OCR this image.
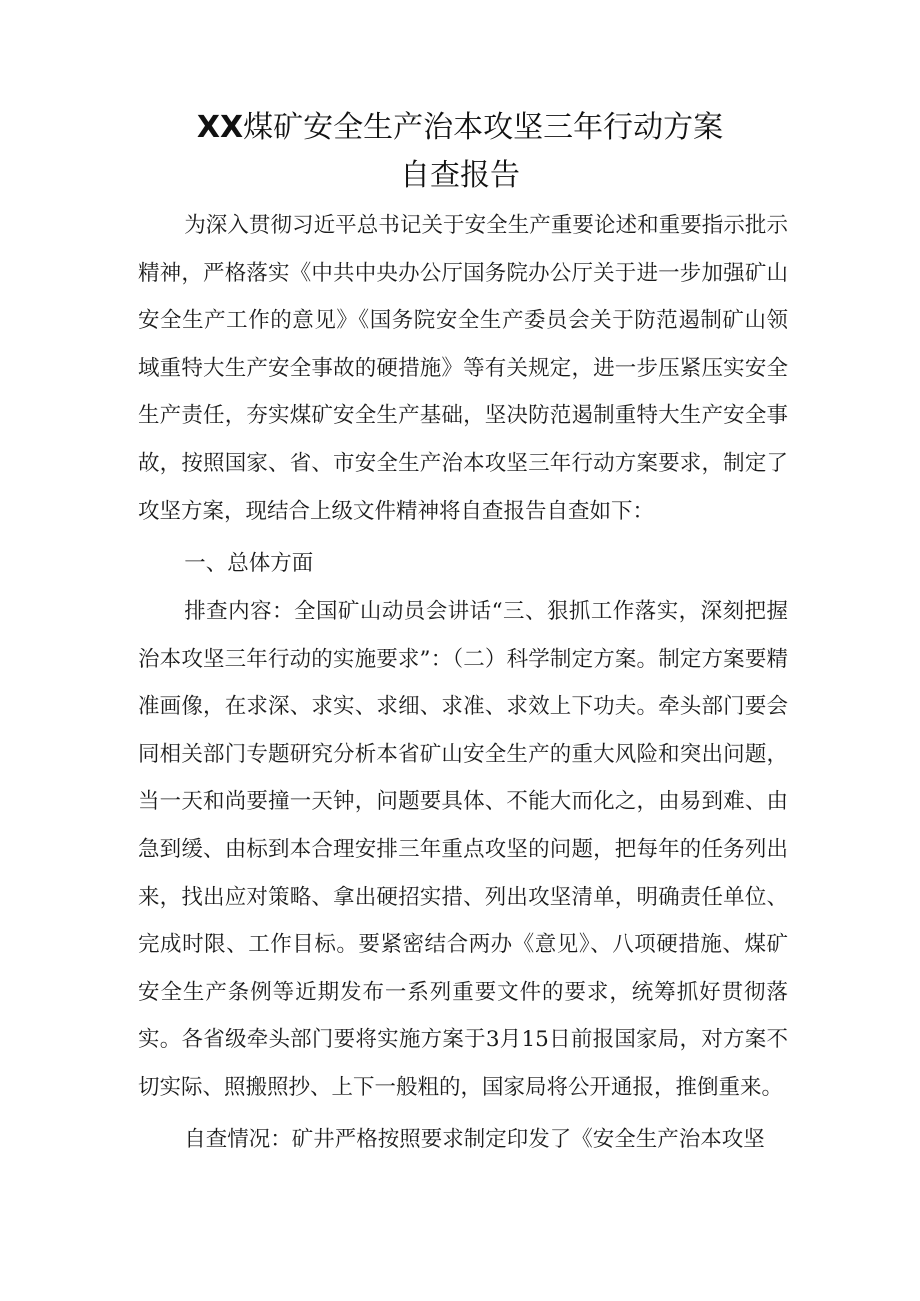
XX煤矿安全生产治本攻坚三年行动方案
自查报告

为深入贯彻习近平总书记关于安全生产重要论述和重要指示批示精神，严格落实《中共中央办公厅国务院办公厅关于进一步加强矿山安全生产工作的意见》《国务院安全生产委员会关于防范遏制矿山领域重特大生产安全事故的硬措施》等有关规定，进一步压紧压实安全生产责任，夯实煤矿安全生产基础，坚决防范遏制重特大生产安全事故，按照国家、省、市安全生产治本攻坚三年行动方案要求，制定了攻坚方案，现结合上级文件精神将自查报告自查如下：

一、总体方面

排查内容：全国矿山动员会讲话“三、狠抓工作落实，深刻把握治本攻坚三年行动的实施要求”：（二）科学制定方案。制定方案要精准画像，在求深、求实、求细、求准、求效上下功夫。牵头部门要会同相关部门专题研究分析本省矿山安全生产的重大风险和突出问题，当一天和尚要撞一天钟，问题要具体、不能大而化之，由易到难、由急到缓、由标到本合理安排三年重点攻坚的问题，把每年的任务列出来，找出应对策略、拿出硬招实措、列出攻坚清单，明确责任单位、完成时限、工作目标。要紧密结合两办《意见》、八项硬措施、煤矿安全生产条例等近期发布一系列重要文件的要求，统筹抓好贯彻落实。各省级牵头部门要将实施方案于3月15日前报国家局，对方案不切实际、照搬照抄、上下一般粗的，国家局将公开通报，推倒重来。

自查情况：矿井严格按照要求制定印发了《安全生产治本攻坚
